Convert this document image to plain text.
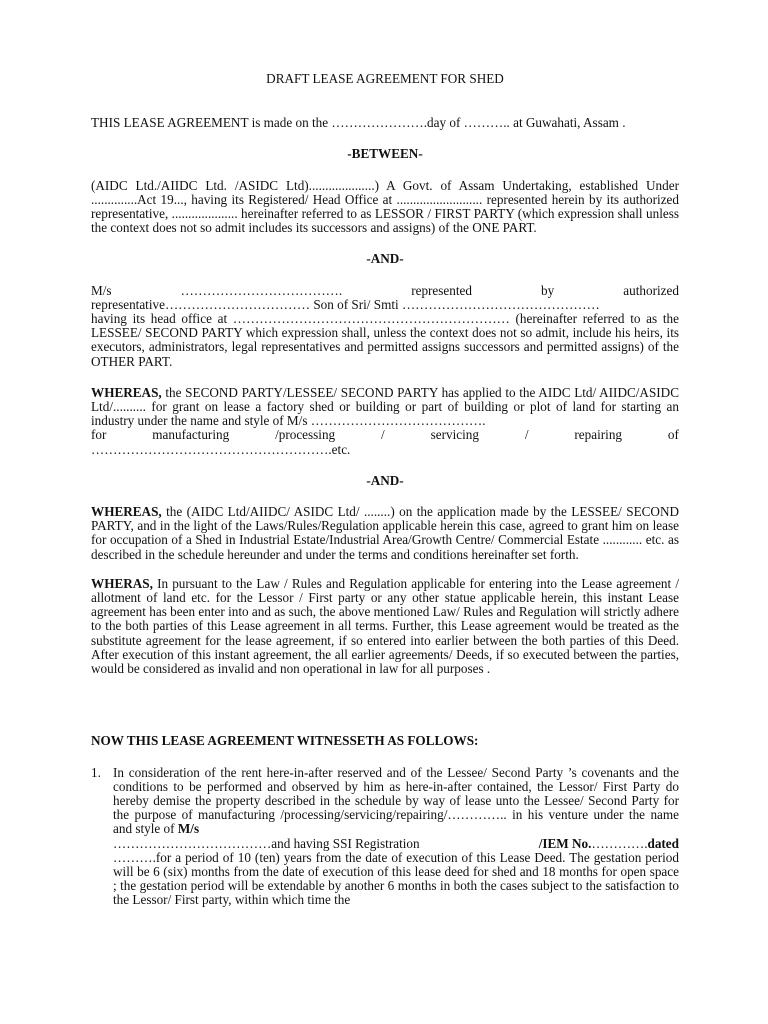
DRAFT LEASE AGREEMENT FOR SHED

THIS LEASE AGREEMENT is made on the ………………….day of ……….. at Guwahati, Assam .

-BETWEEN-

(AIDC Ltd./AIIDC Ltd. /ASIDC Ltd)....................) A Govt. of Assam Undertaking, established Under ..............Act 19..., having its Registered/ Head Office at .......................... represented herein by its authorized representative, .................... hereinafter referred to as LESSOR / FIRST PARTY (which expression shall unless the context does not so admit includes its successors and assigns) of the ONE PART.

-AND-

M/s	……………………………….	represented	by	authorized

representative…………………………… Son of Sri/ Smti ………………………………………

having its head office at ……………………………………………………… (hereinafter referred to as the LESSEE/ SECOND PARTY which expression shall, unless the context does not so admit, include his heirs, its executors, administrators, legal representatives and permitted assigns successors and permitted assigns) of the OTHER PART.

WHEREAS, the SECOND PARTY/LESSEE/ SECOND PARTY has applied to the AIDC Ltd/ AIIDC/ASIDC Ltd/.......... for grant on lease a factory shed or building or part of building or plot of land for starting an industry under the name and style of M/s ………………………………….

for	manufacturing	/processing	/	servicing	/	repairing	of

……………………………………………….etc.

-AND-

WHEREAS, the (AIDC Ltd/AIIDC/ ASIDC Ltd/ ........) on the application made by the LESSEE/ SECOND PARTY, and in the light of the Laws/Rules/Regulation applicable herein this case, agreed to grant him on lease for occupation of a Shed in Industrial Estate/Industrial Area/Growth Centre/ Commercial Estate ............ etc. as described in the schedule hereunder and under the terms and conditions hereinafter set forth.

WHERAS, In pursuant to the Law / Rules and Regulation applicable for entering into the Lease agreement / allotment of land etc. for the Lessor / First party or any other statue applicable herein, this instant Lease agreement has been enter into and as such, the above mentioned Law/ Rules and Regulation will strictly adhere to the both parties of this Lease agreement in all terms. Further, this Lease agreement would be treated as the substitute agreement for the lease agreement, if so entered into earlier between the both parties of this Deed. After execution of this instant agreement, the all earlier agreements/ Deeds, if so executed between the parties, would be considered as invalid and non operational in law for all purposes .

NOW THIS LEASE AGREEMENT WITNESSETH AS FOLLOWS:

1. In consideration of the rent here-in-after reserved and of the Lessee/ Second Party ’s covenants and the conditions to be performed and observed by him as here-in-after contained, the Lessor/ First Party do hereby demise the property described in the schedule by way of lease unto the Lessee/ Second Party for the purpose of manufacturing /processing/servicing/repairing/………….. in his venture under the name and style of M/s
………………………………and having SSI Registration	/IEM No.………….dated
……….for a period of 10 (ten) years from the date of execution of this Lease Deed. The gestation period will be 6 (six) months from the date of execution of this lease deed for shed and 18 months for open space ; the gestation period will be extendable by another 6 months in both the cases subject to the satisfaction to the Lessor/ First party, within which time the
